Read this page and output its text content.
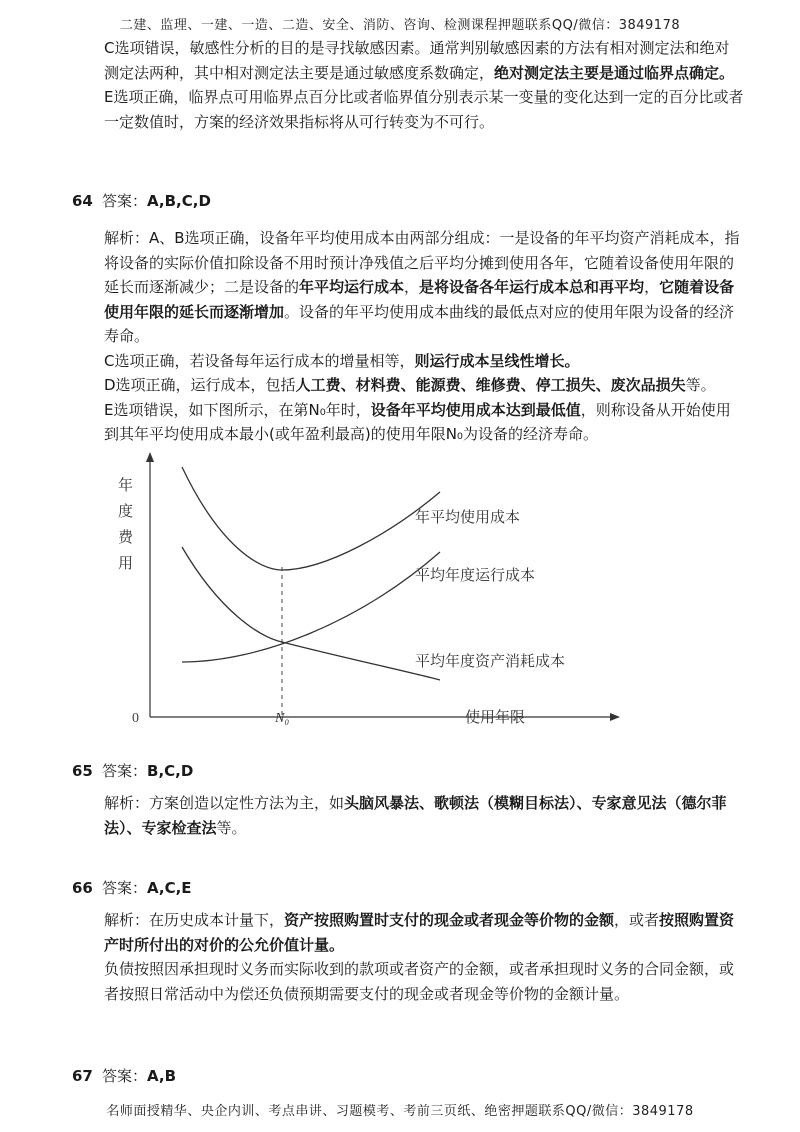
二建、监理、一建、一造、二造、安全、消防、咨询、检测课程押题联系QQ/微信：3849178

C选项错误，敏感性分析的目的是寻找敏感因素。通常判别敏感因素的方法有相对测定法和绝对测定法两种，其中相对测定法主要是通过敏感度系数确定，绝对测定法主要是通过临界点确定。

E选项正确，临界点可用临界点百分比或者临界值分别表示某一变量的变化达到一定的百分比或者一定数值时，方案的经济效果指标将从可行转变为不可行。

64 答案：A,B,C,D

解析：A、B选项正确，设备年平均使用成本由两部分组成：一是设备的年平均资产消耗成本，指将设备的实际价值扣除设备不用时预计净残值之后平均分摊到使用各年，它随着设备使用年限的延长而逐渐减少；二是设备的年平均运行成本，是将设备各年运行成本总和再平均，它随着设备使用年限的延长而逐渐增加。设备的年平均使用成本曲线的最低点对应的使用年限为设备的经济寿命。

C选项正确，若设备每年运行成本的增量相等，则运行成本呈线性增长。

D选项正确，运行成本，包括人工费、材料费、能源费、维修费、停工损失、废次品损失等。

E选项错误，如下图所示，在第N₀年时，设备年平均使用成本达到最低值，则称设备从开始使用到其年平均使用成本最小(或年盈利最高)的使用年限N₀为设备的经济寿命。

年度费用
0	使用年限
N₀
年平均使用成本
平均年度运行成本
平均年度资产消耗成本
65 答案：B,C,D

解析：方案创造以定性方法为主，如头脑风暴法、歌顿法（模糊目标法）、专家意见法（德尔菲法）、专家检查法等。

66 答案：A,C,E

解析：在历史成本计量下，资产按照购置时支付的现金或者现金等价物的金额，或者按照购置资产时所付出的对价的公允价值计量。

负债按照因承担现时义务而实际收到的款项或者资产的金额，或者承担现时义务的合同金额，或者按照日常活动中为偿还负债预期需要支付的现金或者现金等价物的金额计量。

67 答案：A,B
名师面授精华、央企内训、考点串讲、习题模考、考前三页纸、绝密押题联系QQ/微信：3849178
